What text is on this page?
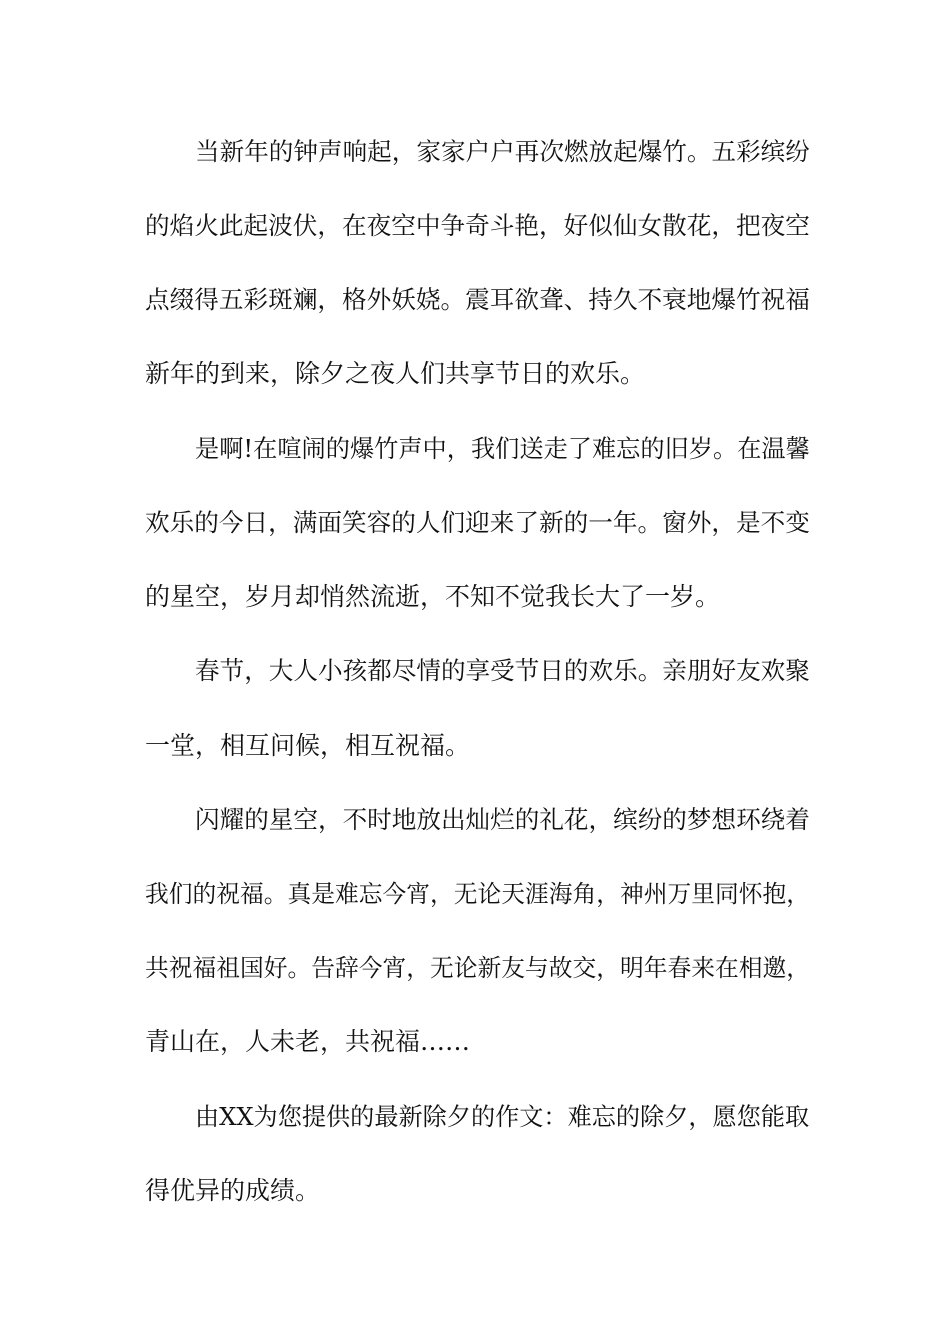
当新年的钟声响起，家家户户再次燃放起爆竹。五彩缤纷
的焰火此起波伏，在夜空中争奇斗艳，好似仙女散花，把夜空
点缀得五彩斑斓，格外妖娆。震耳欲聋、持久不衰地爆竹祝福
新年的到来，除夕之夜人们共享节日的欢乐。
是啊!在喧闹的爆竹声中，我们送走了难忘的旧岁。在温馨
欢乐的今日，满面笑容的人们迎来了新的一年。窗外，是不变
的星空，岁月却悄然流逝，不知不觉我长大了一岁。
春节，大人小孩都尽情的享受节日的欢乐。亲朋好友欢聚
一堂，相互问候，相互祝福。
闪耀的星空，不时地放出灿烂的礼花，缤纷的梦想环绕着
我们的祝福。真是难忘今宵，无论天涯海角，神州万里同怀抱，
共祝福祖国好。告辞今宵，无论新友与故交，明年春来在相邀，
青山在，人未老，共祝福……
由XX为您提供的最新除夕的作文：难忘的除夕，愿您能取
得优异的成绩。
